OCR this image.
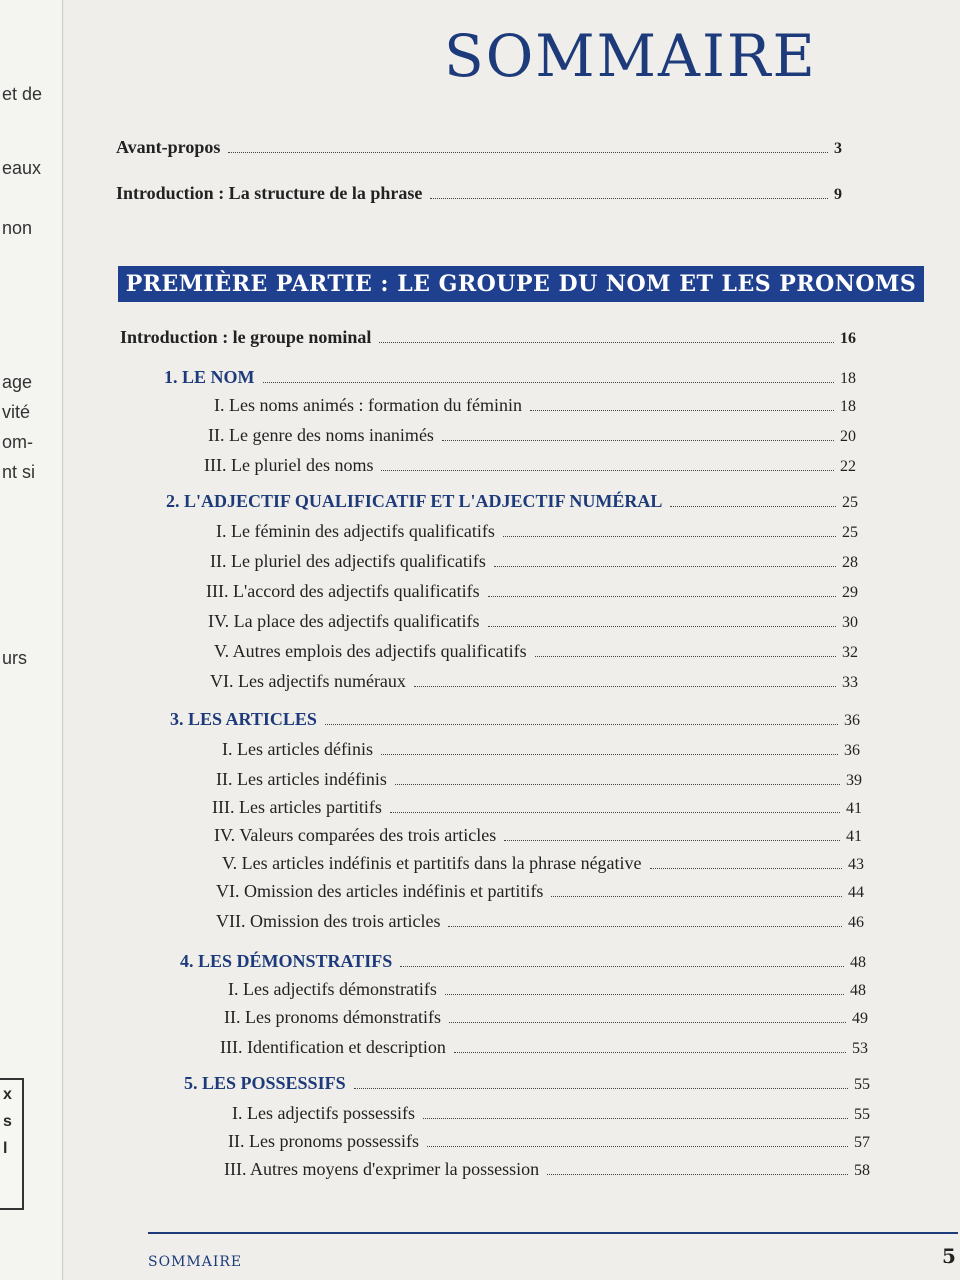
et de
eaux
non
age
vité
om-
nt si
urs
x
s
l
SOMMAIRE
Avant-propos	3
Introduction : La structure de la phrase	9
PREMIÈRE PARTIE : LE GROUPE DU NOM ET LES PRONOMS
Introduction : le groupe nominal	16
1. LE NOM	18
I. Les noms animés : formation du féminin	18
II. Le genre des noms inanimés	20
III. Le pluriel des noms	22
2. L'ADJECTIF QUALIFICATIF ET L'ADJECTIF NUMÉRAL	25
I. Le féminin des adjectifs qualificatifs	25
II. Le pluriel des adjectifs qualificatifs	28
III. L'accord des adjectifs qualificatifs	29
IV. La place des adjectifs qualificatifs	30
V. Autres emplois des adjectifs qualificatifs	32
VI. Les adjectifs numéraux	33
3. LES ARTICLES	36
I. Les articles définis	36
II. Les articles indéfinis	39
III. Les articles partitifs	41
IV. Valeurs comparées des trois articles	41
V. Les articles indéfinis et partitifs dans la phrase négative	43
VI. Omission des articles indéfinis et partitifs	44
VII. Omission des trois articles	46
4. LES DÉMONSTRATIFS	48
I. Les adjectifs démonstratifs	48
II. Les pronoms démonstratifs	49
III. Identification et description	53
5. LES POSSESSIFS	55
I. Les adjectifs possessifs	55
II. Les pronoms possessifs	57
III. Autres moyens d'exprimer la possession	58
SOMMAIRE	5
